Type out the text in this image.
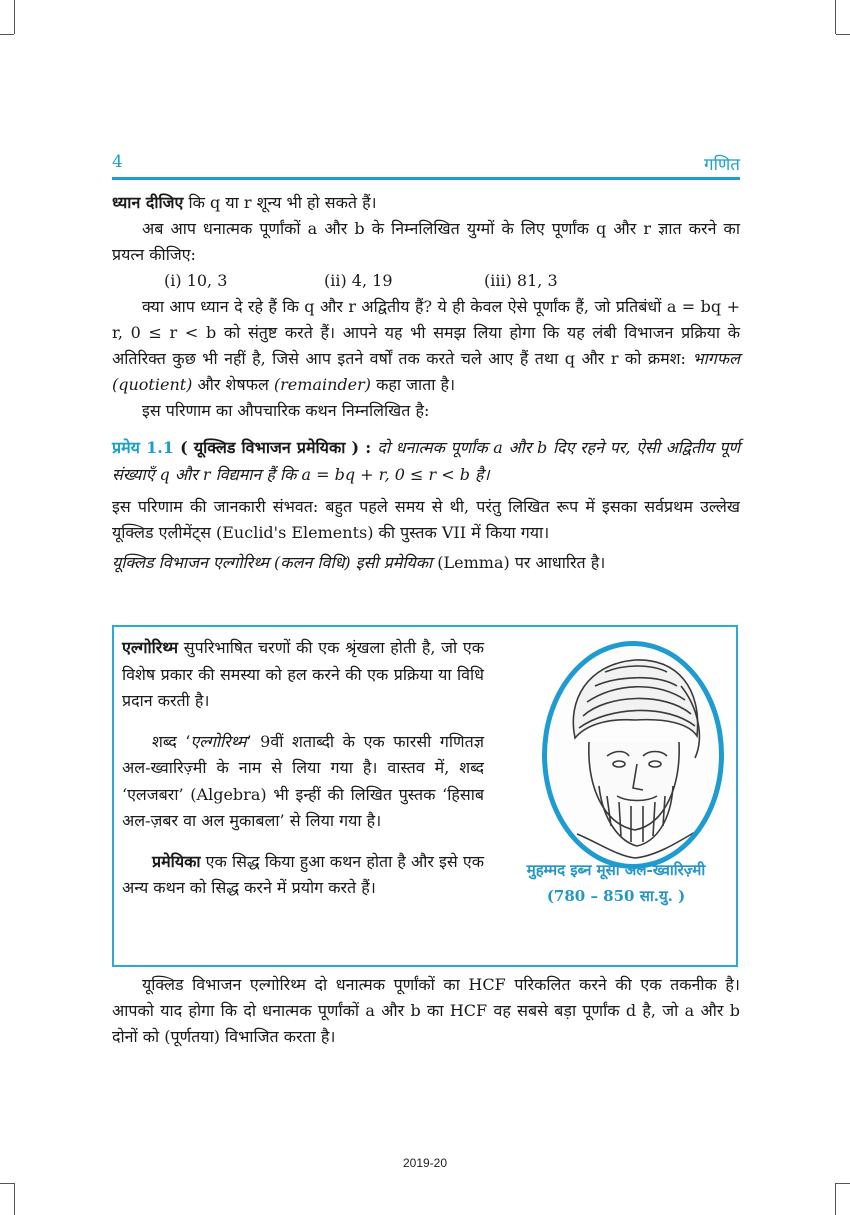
4	गणित

ध्यान दीजिए कि q या r शून्य भी हो सकते हैं।

अब आप धनात्मक पूर्णांकों a और b के निम्नलिखित युग्मों के लिए पूर्णांक q और r ज्ञात करने का प्रयत्न कीजिए:

(i) 10, 3	(ii) 4, 19	(iii) 81, 3

क्या आप ध्यान दे रहे हैं कि q और r अद्वितीय हैं? ये ही केवल ऐसे पूर्णांक हैं, जो प्रतिबंधों a = bq + r, 0 ≤ r < b को संतुष्ट करते हैं। आपने यह भी समझ लिया होगा कि यह लंबी विभाजन प्रक्रिया के अतिरिक्त कुछ भी नहीं है, जिसे आप इतने वर्षों तक करते चले आए हैं तथा q और r को क्रमश: भागफल (quotient) और शेषफल (remainder) कहा जाता है।

इस परिणाम का औपचारिक कथन निम्नलिखित है:

प्रमेय 1.1 ( यूक्लिड विभाजन प्रमेयिका ) : दो धनात्मक पूर्णांक a और b दिए रहने पर, ऐसी अद्वितीय पूर्ण संख्याएँ q और r विद्यमान हैं कि a = bq + r, 0 ≤ r < b है।

इस परिणाम की जानकारी संभवत: बहुत पहले समय से थी, परंतु लिखित रूप में इसका सर्वप्रथम उल्लेख यूक्लिड एलीमेंट्स (Euclid's Elements) की पुस्तक VII में किया गया।

यूक्लिड विभाजन एल्गोरिथ्म (कलन विधि) इसी प्रमेयिका (Lemma) पर आधारित है।

एल्गोरिथ्म सुपरिभाषित चरणों की एक श्रृंखला होती है, जो एक विशेष प्रकार की समस्या को हल करने की एक प्रक्रिया या विधि प्रदान करती है।

शब्द ‘एल्गोरिथ्म’ 9वीं शताब्दी के एक फारसी गणितज्ञ अल-ख्वारिज़्मी के नाम से लिया गया है। वास्तव में, शब्द ‘एलजबरा’ (Algebra) भी इन्हीं की लिखित पुस्तक ‘हिसाब अल-ज़बर वा अल मुकाबला’ से लिया गया है।

प्रमेयिका एक सिद्ध किया हुआ कथन होता है और इसे एक अन्य कथन को सिद्ध करने में प्रयोग करते हैं।

मुहम्मद इब्न मूसा अल-ख्वारिज़्मी
(780 – 850 सा.यु. )

यूक्लिड विभाजन एल्गोरिथ्म दो धनात्मक पूर्णांकों का HCF परिकलित करने की एक तकनीक है। आपको याद होगा कि दो धनात्मक पूर्णांकों a और b का HCF वह सबसे बड़ा पूर्णांक d है, जो a और b दोनों को (पूर्णतया) विभाजित करता है।

2019-20
